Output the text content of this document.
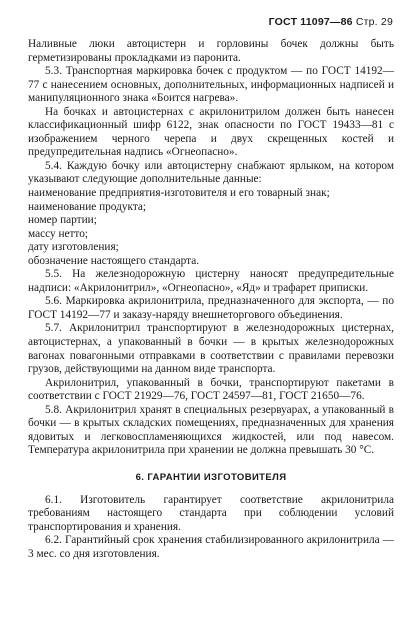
ГОСТ 11097—86 Стр. 29

Наливные люки автоцистерн и горловины бочек должны быть герметизированы прокладками из паронита.

5.3. Транспортная маркировка бочек с продуктом — по ГОСТ 14192—77 с нанесением основных, дополнительных, информационных надписей и манипуляционного знака «Боится нагрева».

На бочках и автоцистернах с акрилонитрилом должен быть нанесен классификационный шифр 6122, знак опасности по ГОСТ 19433—81 с изображением черного черепа и двух скрещенных костей и предупредительная надпись «Огнеопасно».

5.4. Каждую бочку или автоцистерну снабжают ярлыком, на котором указывают следующие дополнительные данные:

наименование предприятия-изготовителя и его товарный знак;

наименование продукта;

номер партии;

массу нетто;

дату изготовления;

обозначение настоящего стандарта.

5.5. На железнодорожную цистерну наносят предупредительные надписи: «Акрилонитрил», «Огнеопасно», «Яд» и трафарет приписки.

5.6. Маркировка акрилонитрила, предназначенного для экспорта, — по ГОСТ 14192—77 и заказу-наряду внешнеторгового объединения.

5.7. Акрилонитрил транспортируют в железнодорожных цистернах, автоцистернах, а упакованный в бочки — в крытых железнодорожных вагонах повагонными отправками в соответствии с правилами перевозки грузов, действующими на данном виде транспорта.

Акрилонитрил, упакованный в бочки, транспортируют пакетами в соответствии с ГОСТ 21929—76, ГОСТ 24597—81, ГОСТ 21650—76.

5.8. Акрилонитрил хранят в специальных резервуарах, а упакованный в бочки — в крытых складских помещениях, предназначенных для хранения ядовитых и легковоспламеняющихся жидкостей, или под навесом. Температура акрилонитрила при хранении не должна превышать 30 °С.

6. ГАРАНТИИ ИЗГОТОВИТЕЛЯ

6.1. Изготовитель гарантирует соответствие акрилонитрила требованиям настоящего стандарта при соблюдении условий транспортирования и хранения.

6.2. Гарантийный срок хранения стабилизированного акрилонитрила — 3 мес. со дня изготовления.
